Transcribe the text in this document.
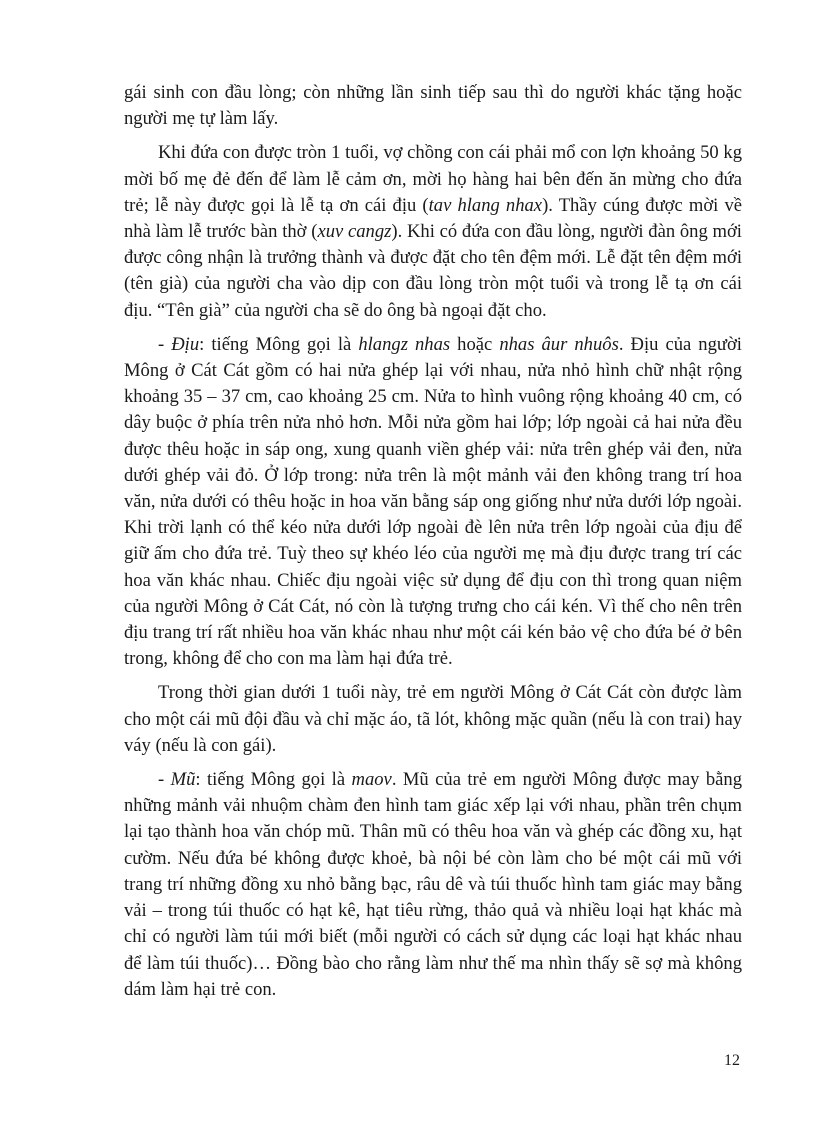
gái sinh con đầu lòng; còn những lần sinh tiếp sau thì do người khác tặng hoặc người mẹ tự làm lấy.

Khi đứa con được tròn 1 tuổi, vợ chồng con cái phải mổ con lợn khoảng 50 kg mời bố mẹ đẻ đến để làm lễ cảm ơn, mời họ hàng hai bên đến ăn mừng cho đứa trẻ; lễ này được gọi là lễ tạ ơn cái địu (tav hlang nhax). Thầy cúng được mời về nhà làm lễ trước bàn thờ (xuv cangz). Khi có đứa con đầu lòng, người đàn ông mới được công nhận là trưởng thành và được đặt cho tên đệm mới. Lễ đặt tên đệm mới (tên già) của người cha vào dịp con đầu lòng tròn một tuổi và trong lễ tạ ơn cái địu. “Tên già” của người cha sẽ do ông bà ngoại đặt cho.

- Địu: tiếng Mông gọi là hlangz nhas hoặc nhas âur nhuôs. Địu của người Mông ở Cát Cát gồm có hai nửa ghép lại với nhau, nửa nhỏ hình chữ nhật rộng khoảng 35 – 37 cm, cao khoảng 25 cm. Nửa to hình vuông rộng khoảng 40 cm, có dây buộc ở phía trên nửa nhỏ hơn. Mỗi nửa gồm hai lớp; lớp ngoài cả hai nửa đều được thêu hoặc in sáp ong, xung quanh viền ghép vải: nửa trên ghép vải đen, nửa dưới ghép vải đỏ. Ở lớp trong: nửa trên là một mảnh vải đen không trang trí hoa văn, nửa dưới có thêu hoặc in hoa văn bằng sáp ong giống như nửa dưới lớp ngoài. Khi trời lạnh có thể kéo nửa dưới lớp ngoài đè lên nửa trên lớp ngoài của địu để giữ ấm cho đứa trẻ. Tuỳ theo sự khéo léo của người mẹ mà địu được trang trí các hoa văn khác nhau. Chiếc địu ngoài việc sử dụng để địu con thì trong quan niệm của người Mông ở Cát Cát, nó còn là tượng trưng cho cái kén. Vì thế cho nên trên địu trang trí rất nhiều hoa văn khác nhau như một cái kén bảo vệ cho đứa bé ở bên trong, không để cho con ma làm hại đứa trẻ.

Trong thời gian dưới 1 tuổi này, trẻ em người Mông ở Cát Cát còn được làm cho một cái mũ đội đầu và chỉ mặc áo, tã lót, không mặc quần (nếu là con trai) hay váy (nếu là con gái).

- Mũ: tiếng Mông gọi là maov. Mũ của trẻ em người Mông được may bằng những mảnh vải nhuộm chàm đen hình tam giác xếp lại với nhau, phần trên chụm lại tạo thành hoa văn chóp mũ. Thân mũ có thêu hoa văn và ghép các đồng xu, hạt cườm. Nếu đứa bé không được khoẻ, bà nội bé còn làm cho bé một cái mũ với trang trí những đồng xu nhỏ bằng bạc, râu dê và túi thuốc hình tam giác may bằng vải – trong túi thuốc có hạt kê, hạt tiêu rừng, thảo quả và nhiều loại hạt khác mà chỉ có người làm túi mới biết (mỗi người có cách sử dụng các loại hạt khác nhau để làm túi thuốc)… Đồng bào cho rằng làm như thế ma nhìn thấy sẽ sợ mà không dám làm hại trẻ con.

12
